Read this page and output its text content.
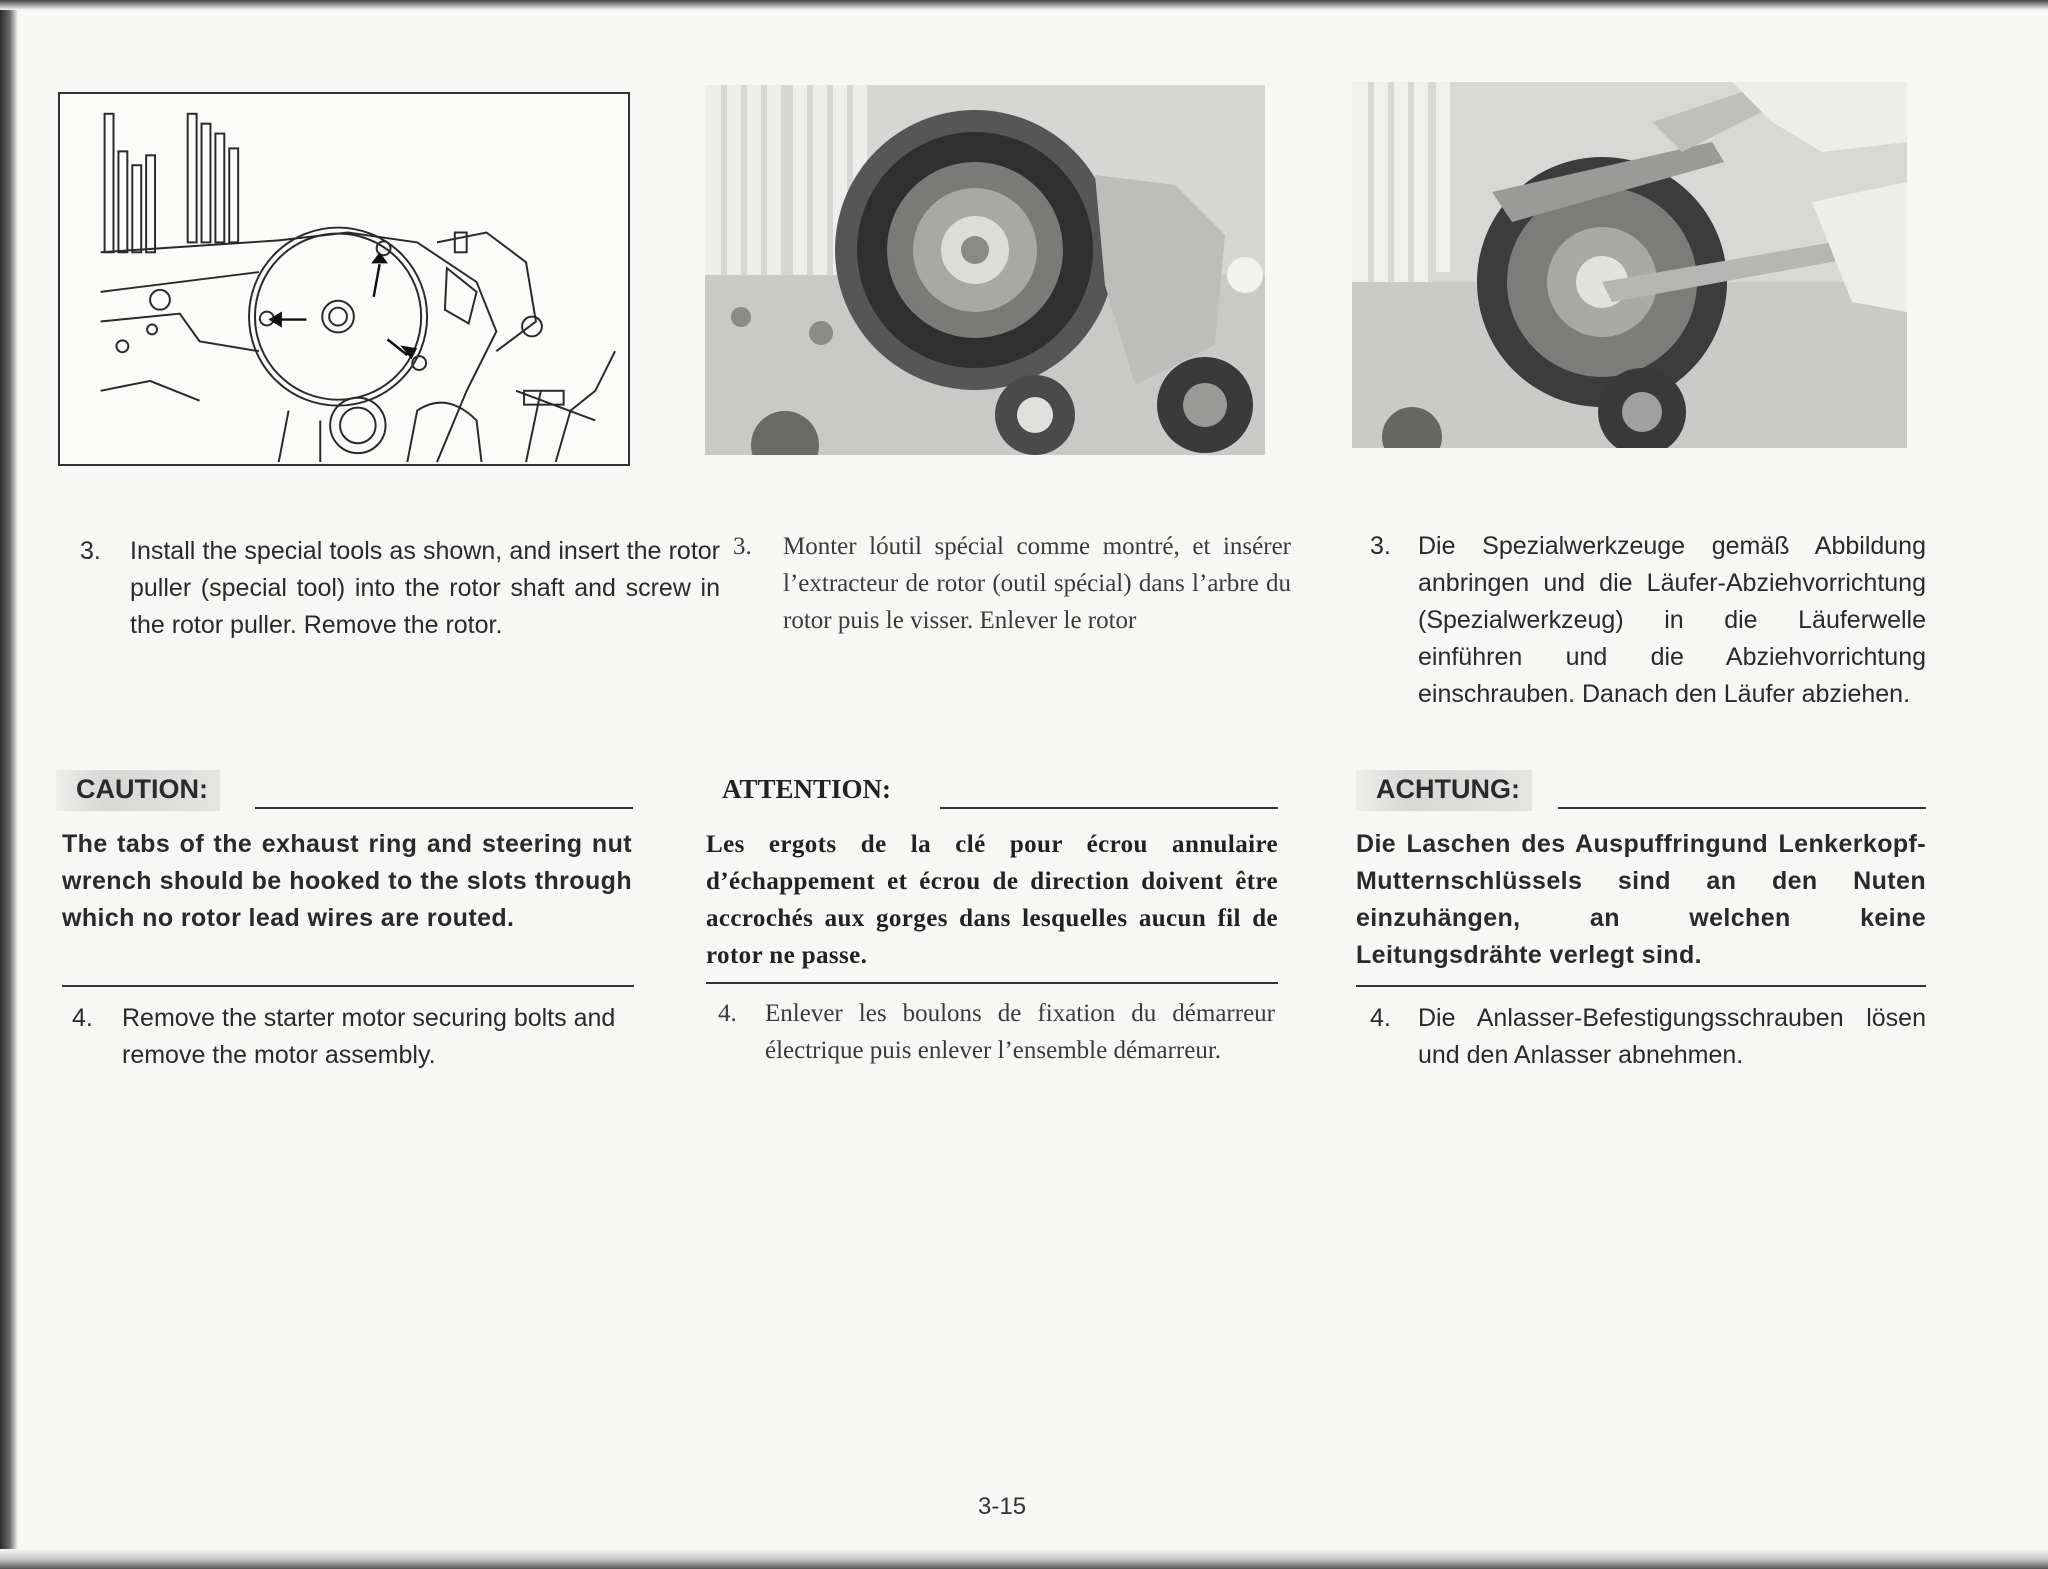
3. Install the special tools as shown, and insert the rotor puller (special tool) into the rotor shaft and screw in the rotor puller. Remove the rotor.
CAUTION:
The tabs of the exhaust ring and steering nut wrench should be hooked to the slots through which no rotor lead wires are routed.
4. Remove the starter motor securing bolts and remove the motor assembly.
3. Monter lóutil spécial comme montré, et insérer l’extracteur de rotor (outil spécial) dans l’arbre du rotor puis le visser. Enlever le rotor
ATTENTION:
Les ergots de la clé pour écrou annulaire d’échappement et écrou de direction doivent être accrochés aux gorges dans lesquelles aucun fil de rotor ne passe.
4. Enlever les boulons de fixation du démarreur électrique puis enlever l’ensemble démarreur.
3. Die Spezialwerkzeuge gemäß Abbildung anbringen und die Läufer-Abziehvorrichtung (Spezialwerkzeug) in die Läuferwelle einführen und die Abziehvorrichtung einschrauben. Danach den Läufer abziehen.
ACHTUNG:
Die Laschen des Auspuffringund Lenkerkopf-Mutternschlüssels sind an den Nuten einzuhängen, an welchen keine Leitungsdrähte verlegt sind.
4. Die Anlasser-Befestigungsschrauben lösen und den Anlasser abnehmen.
3-15
